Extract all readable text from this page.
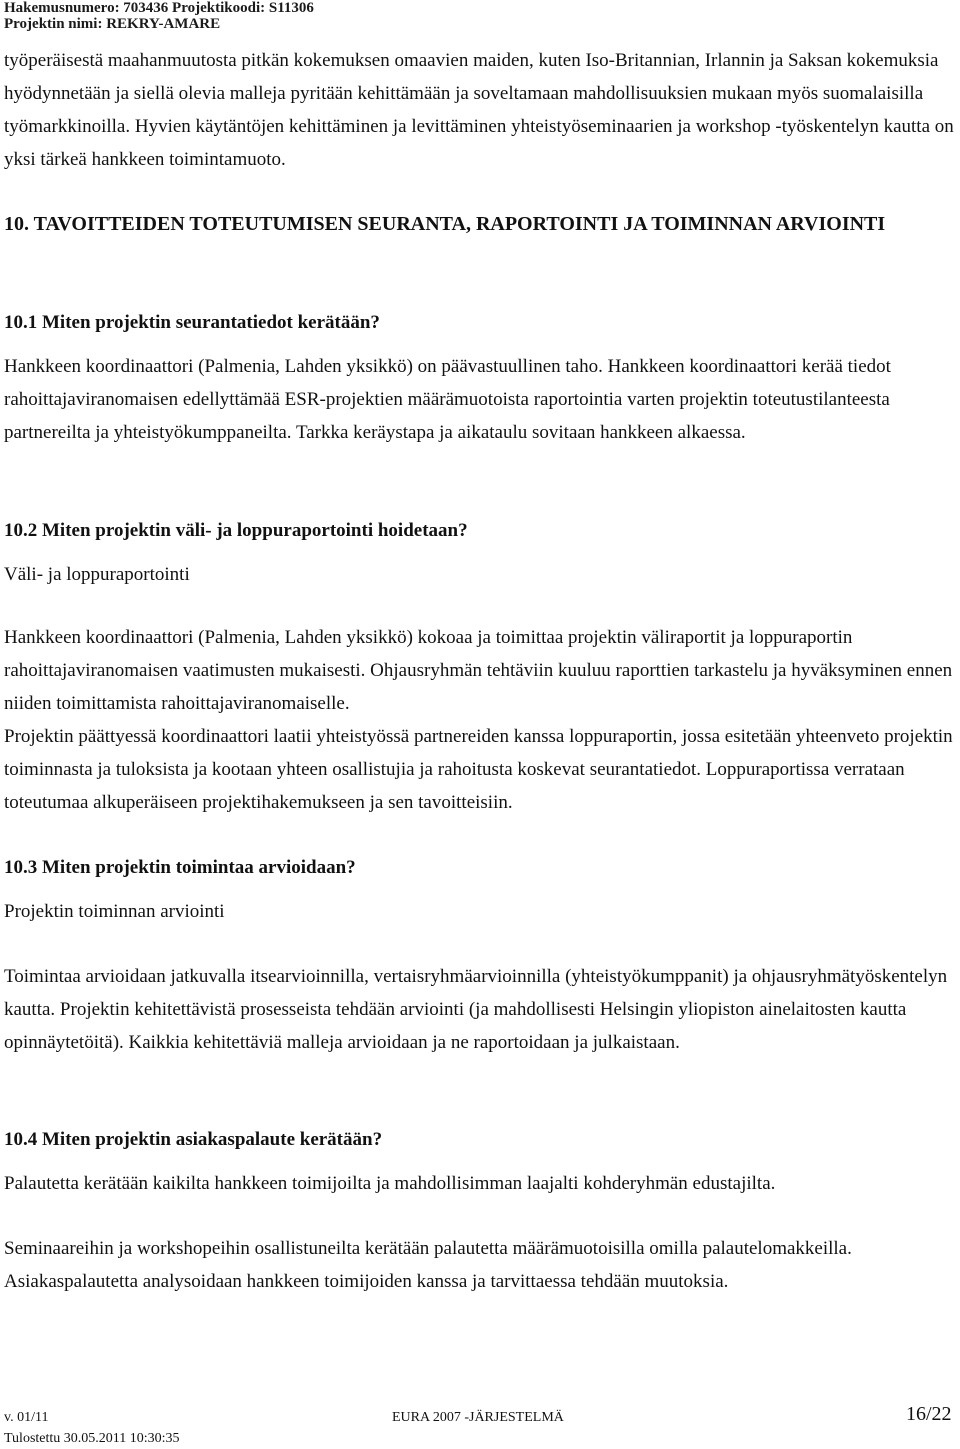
Hakemusnumero: 703436 Projektikoodi: S11306
Projektin nimi: REKRY-AMARE

työperäisestä maahanmuutosta pitkän kokemuksen omaavien maiden, kuten Iso-Britannian, Irlannin ja Saksan kokemuksia hyödynnetään ja siellä olevia malleja pyritään kehittämään ja soveltamaan mahdollisuuksien mukaan myös suomalaisilla työmarkkinoilla. Hyvien käytäntöjen kehittäminen ja levittäminen yhteistyöseminaarien ja workshop -työskentelyn kautta on yksi tärkeä hankkeen toimintamuoto.

10. TAVOITTEIDEN TOTEUTUMISEN SEURANTA, RAPORTOINTI JA TOIMINNAN ARVIOINTI
10.1 Miten projektin seurantatiedot kerätään?
Hankkeen koordinaattori (Palmenia, Lahden yksikkö) on päävastuullinen taho. Hankkeen koordinaattori kerää tiedot rahoittajaviranomaisen edellyttämää ESR-projektien määrämuotoista raportointia varten projektin toteutustilanteesta partnereilta ja yhteistyökumppaneilta. Tarkka keräystapa ja aikataulu sovitaan hankkeen alkaessa.
10.2 Miten projektin väli- ja loppuraportointi hoidetaan?
Väli- ja loppuraportointi
Hankkeen koordinaattori (Palmenia, Lahden yksikkö) kokoaa ja toimittaa projektin väliraportit ja loppuraportin rahoittajaviranomaisen vaatimusten mukaisesti. Ohjausryhmän tehtäviin kuuluu raporttien tarkastelu ja hyväksyminen ennen niiden toimittamista rahoittajaviranomaiselle.
Projektin päättyessä koordinaattori laatii yhteistyössä partnereiden kanssa loppuraportin, jossa esitetään yhteenveto projektin toiminnasta ja tuloksista ja kootaan yhteen osallistujia ja rahoitusta koskevat seurantatiedot. Loppuraportissa verrataan toteutumaa alkuperäiseen projektihakemukseen ja sen tavoitteisiin.
10.3 Miten projektin toimintaa arvioidaan?
Projektin toiminnan arviointi
Toimintaa arvioidaan jatkuvalla itsearvioinnilla, vertaisryhmäarvioinnilla (yhteistyökumppanit) ja ohjausryhmätyöskentelyn kautta. Projektin kehitettävistä prosesseista tehdään arviointi (ja mahdollisesti Helsingin yliopiston ainelaitosten kautta opinnäytetöitä). Kaikkia kehitettäviä malleja arvioidaan ja ne raportoidaan ja julkaistaan.
10.4 Miten projektin asiakaspalaute kerätään?
Palautetta kerätään kaikilta hankkeen toimijoilta ja mahdollisimman laajalti kohderyhmän edustajilta.
Seminaareihin ja workshopeihin osallistuneilta kerätään palautetta määrämuotoisilla omilla palautelomakkeilla. Asiakaspalautetta analysoidaan hankkeen toimijoiden kanssa ja tarvittaessa tehdään muutoksia.
v. 01/11	EURA 2007 -JÄRJESTELMÄ	16/22
Tulostettu 30.05.2011 10:30:35
